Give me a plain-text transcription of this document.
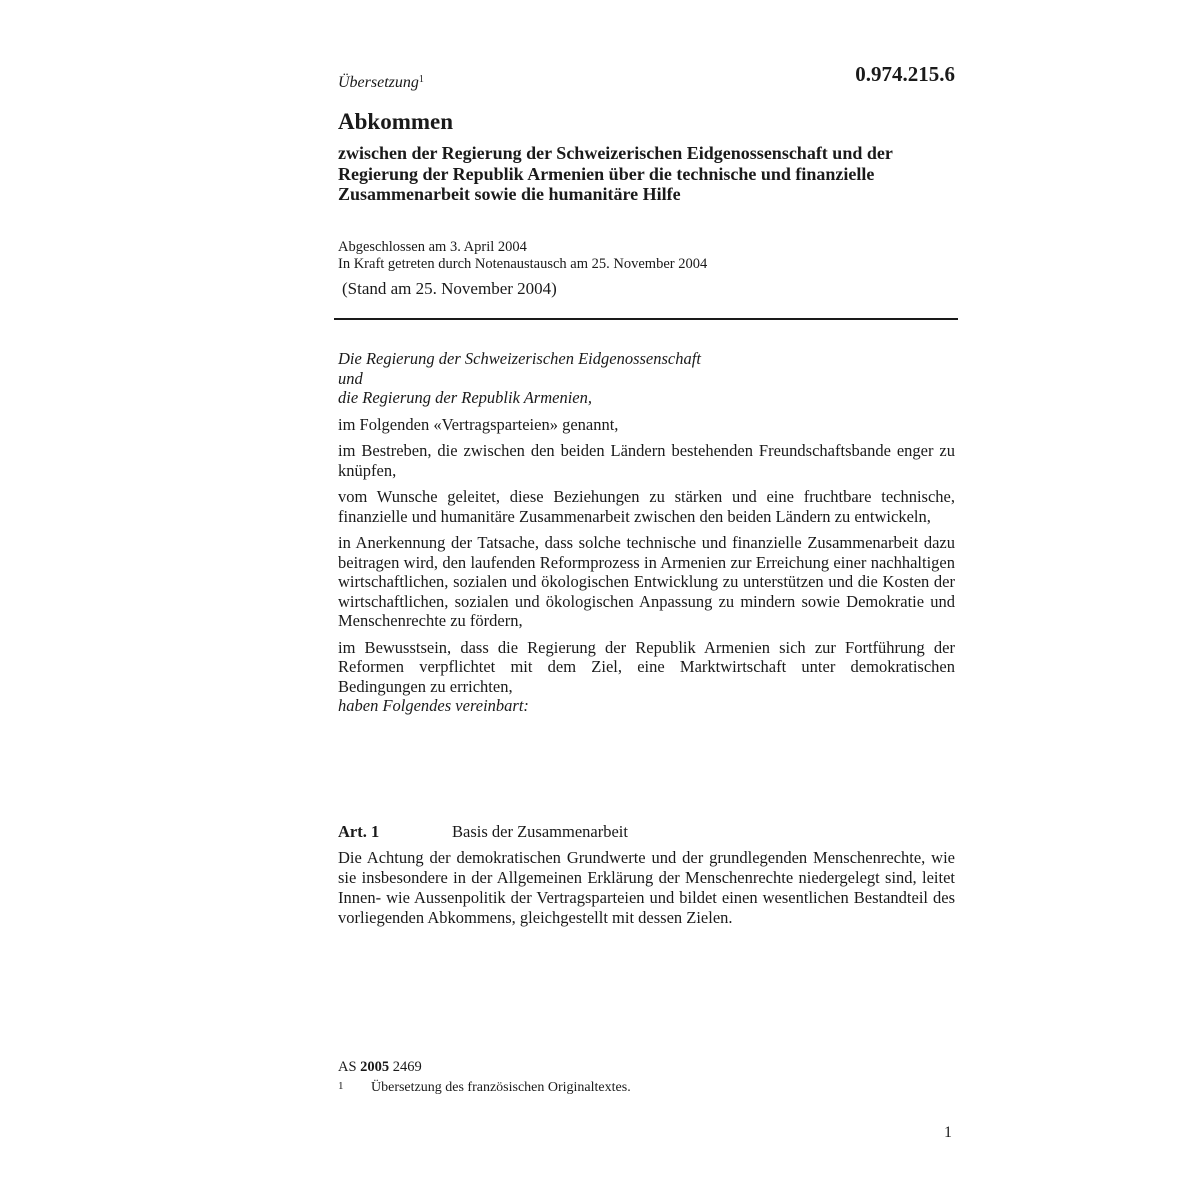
Übersetzung$^1$	0.974.215.6
Abkommen
zwischen der Regierung der Schweizerischen Eidgenossenschaft und der Regierung der Republik Armenien über die technische und finanzielle Zusammenarbeit sowie die humanitäre Hilfe
Abgeschlossen am 3. April 2004
In Kraft getreten durch Notenaustausch am 25. November 2004
(Stand am 25. November 2004)
Die Regierung der Schweizerischen Eidgenossenschaft
und

die Regierung der Republik Armenien,

im Folgenden «Vertragsparteien» genannt,

im Bestreben, die zwischen den beiden Ländern bestehenden Freundschaftsbande enger zu knüpfen,

vom Wunsche geleitet, diese Beziehungen zu stärken und eine fruchtbare technische, finanzielle und humanitäre Zusammenarbeit zwischen den beiden Ländern zu entwickeln,

in Anerkennung der Tatsache, dass solche technische und finanzielle Zusammenarbeit dazu beitragen wird, den laufenden Reformprozess in Armenien zur Erreichung einer nachhaltigen wirtschaftlichen, sozialen und ökologischen Entwicklung zu unterstützen und die Kosten der wirtschaftlichen, sozialen und ökologischen Anpassung zu mindern sowie Demokratie und Menschenrechte zu fördern,

im Bewusstsein, dass die Regierung der Republik Armenien sich zur Fortführung der Reformen verpflichtet mit dem Ziel, eine Marktwirtschaft unter demokratischen Bedingungen zu errichten,

haben Folgendes vereinbart:
Art. 1	Basis der Zusammenarbeit

Die Achtung der demokratischen Grundwerte und der grundlegenden Menschenrechte, wie sie insbesondere in der Allgemeinen Erklärung der Menschenrechte niedergelegt sind, leitet Innen- wie Aussenpolitik der Vertragsparteien und bildet einen wesentlichen Bestandteil des vorliegenden Abkommens, gleichgestellt mit dessen Zielen.

AS 2005 2469
1	Übersetzung des französischen Originaltextes.
1
